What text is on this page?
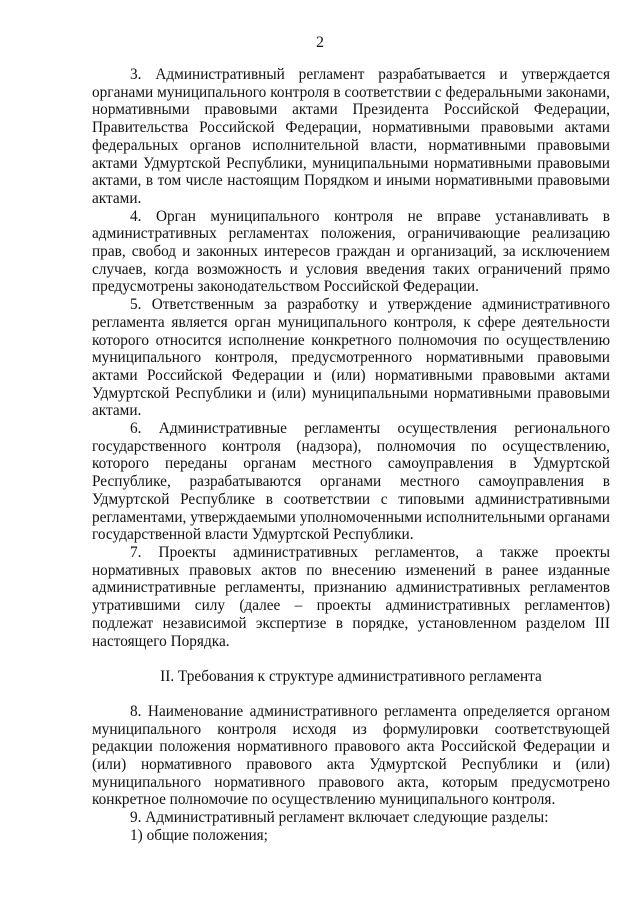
2

3. Административный регламент разрабатывается и утверждается органами муниципального контроля в соответствии с федеральными законами, нормативными правовыми актами Президента Российской Федерации, Правительства Российской Федерации, нормативными правовыми актами федеральных органов исполнительной власти, нормативными правовыми актами Удмуртской Республики, муниципальными нормативными правовыми актами, в том числе настоящим Порядком и иными нормативными правовыми актами.

4. Орган муниципального контроля не вправе устанавливать в административных регламентах положения, ограничивающие реализацию прав, свобод и законных интересов граждан и организаций, за исключением случаев, когда возможность и условия введения таких ограничений прямо предусмотрены законодательством Российской Федерации.

5. Ответственным за разработку и утверждение административного регламента является орган муниципального контроля, к сфере деятельности которого относится исполнение конкретного полномочия по осуществлению муниципального контроля, предусмотренного нормативными правовыми актами Российской Федерации и (или) нормативными правовыми актами Удмуртской Республики и (или) муниципальными нормативными правовыми актами.

6. Административные регламенты осуществления регионального государственного контроля (надзора), полномочия по осуществлению, которого переданы органам местного самоуправления в Удмуртской Республике, разрабатываются органами местного самоуправления в Удмуртской Республике в соответствии с типовыми административными регламентами, утверждаемыми уполномоченными исполнительными органами государственной власти Удмуртской Республики.

7. Проекты административных регламентов, а также проекты нормативных правовых актов по внесению изменений в ранее изданные административные регламенты, признанию административных регламентов утратившими силу (далее – проекты административных регламентов) подлежат независимой экспертизе в порядке, установленном разделом III настоящего Порядка.

II. Требования к структуре административного регламента

8. Наименование административного регламента определяется органом муниципального контроля исходя из формулировки соответствующей редакции положения нормативного правового акта Российской Федерации и (или) нормативного правового акта Удмуртской Республики и (или) муниципального нормативного правового акта, которым предусмотрено конкретное полномочие по осуществлению муниципального контроля.

9. Административный регламент включает следующие разделы:

1) общие положения;
